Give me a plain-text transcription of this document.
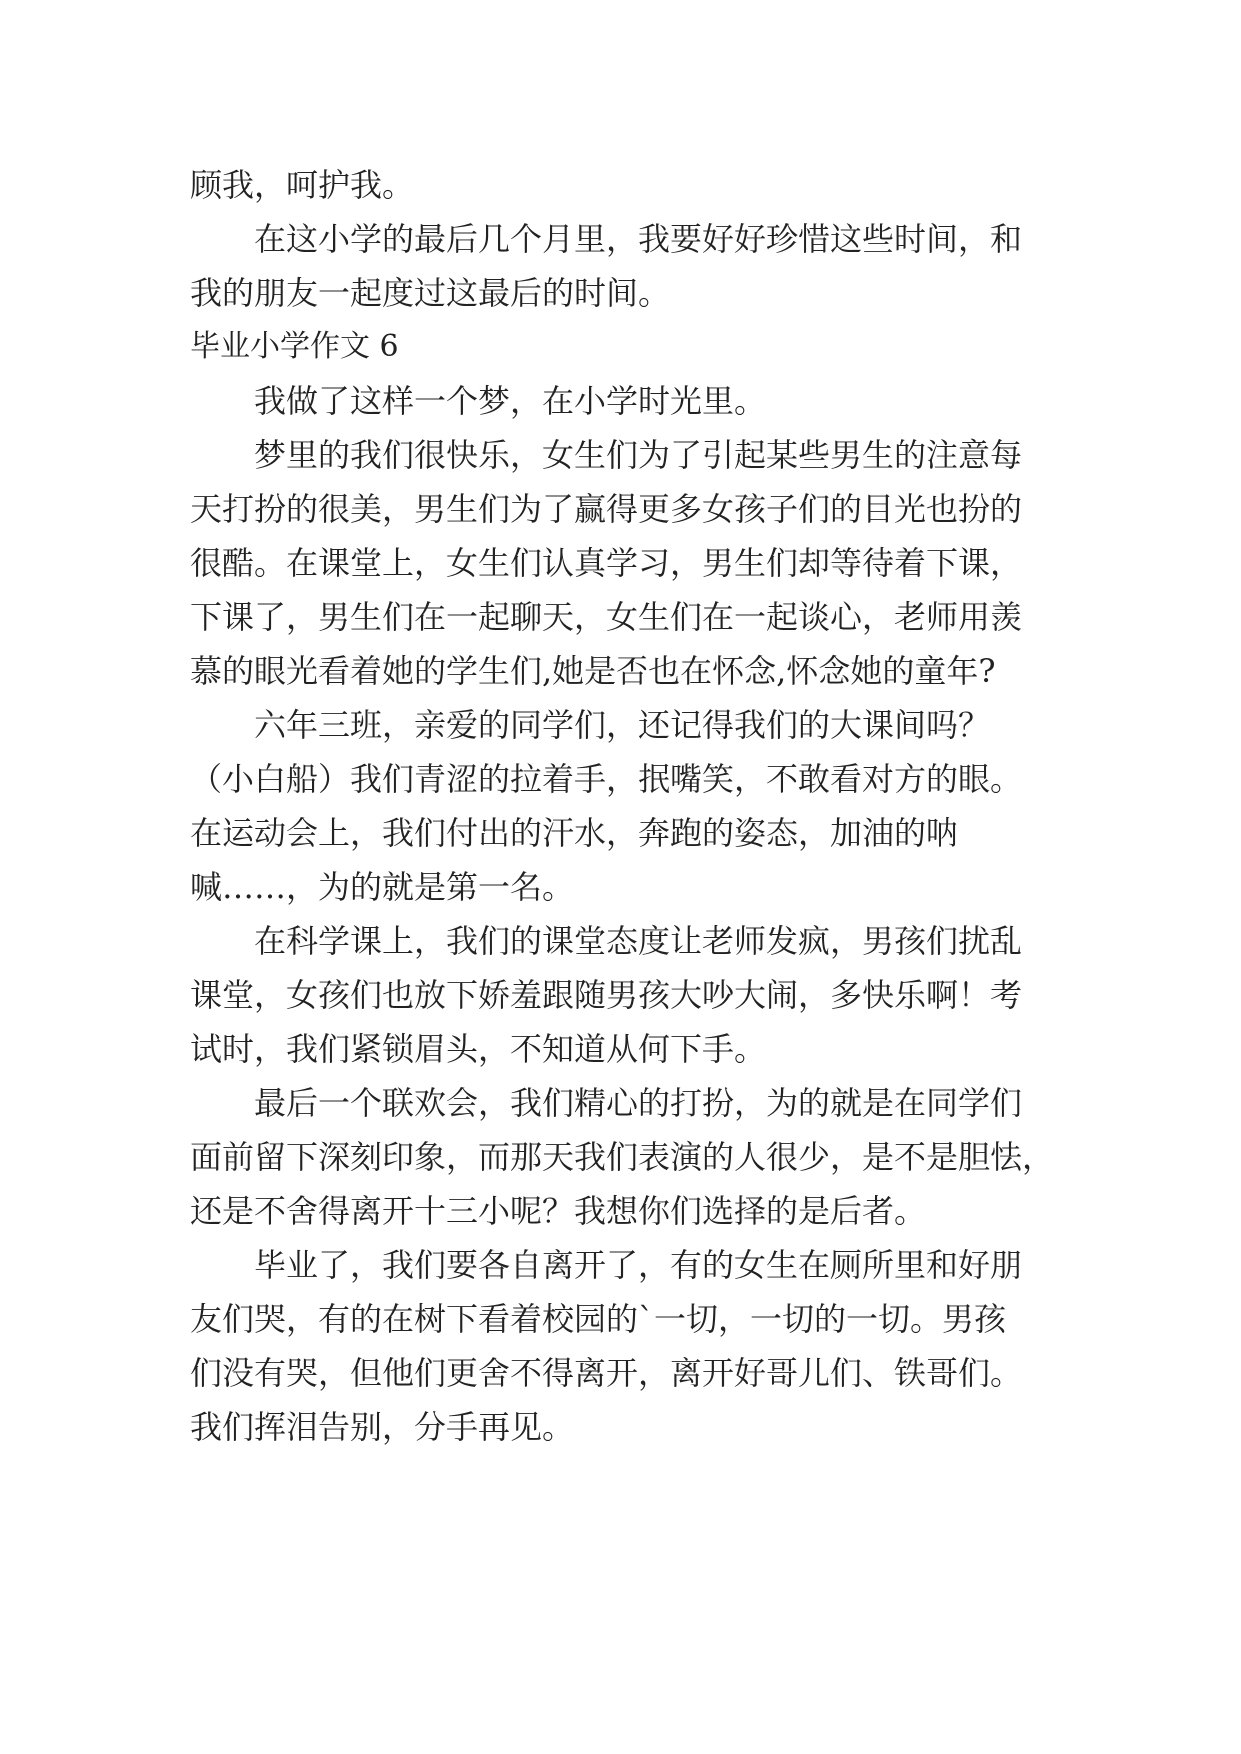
顾我，呵护我。

在这小学的最后几个月里，我要好好珍惜这些时间，和

我的朋友一起度过这最后的时间。

毕业小学作文 6

我做了这样一个梦，在小学时光里。

梦里的我们很快乐，女生们为了引起某些男生的注意每

天打扮的很美，男生们为了赢得更多女孩子们的目光也扮的

很酷。在课堂上，女生们认真学习，男生们却等待着下课，

下课了，男生们在一起聊天，女生们在一起谈心，老师用羡

慕的眼光看着她的学生们,她是否也在怀念,怀念她的童年?

六年三班，亲爱的同学们，还记得我们的大课间吗？

（小白船）我们青涩的拉着手，抿嘴笑，不敢看对方的眼。

在运动会上，我们付出的汗水，奔跑的姿态，加油的呐

喊……，为的就是第一名。

在科学课上，我们的课堂态度让老师发疯，男孩们扰乱

课堂，女孩们也放下娇羞跟随男孩大吵大闹，多快乐啊！考

试时，我们紧锁眉头，不知道从何下手。

最后一个联欢会，我们精心的打扮，为的就是在同学们

面前留下深刻印象，而那天我们表演的人很少，是不是胆怯，

还是不舍得离开十三小呢？我想你们选择的是后者。

毕业了，我们要各自离开了，有的女生在厕所里和好朋

友们哭，有的在树下看着校园的`一切，一切的一切。男孩

们没有哭，但他们更舍不得离开，离开好哥儿们、铁哥们。

我们挥泪告别，分手再见。
